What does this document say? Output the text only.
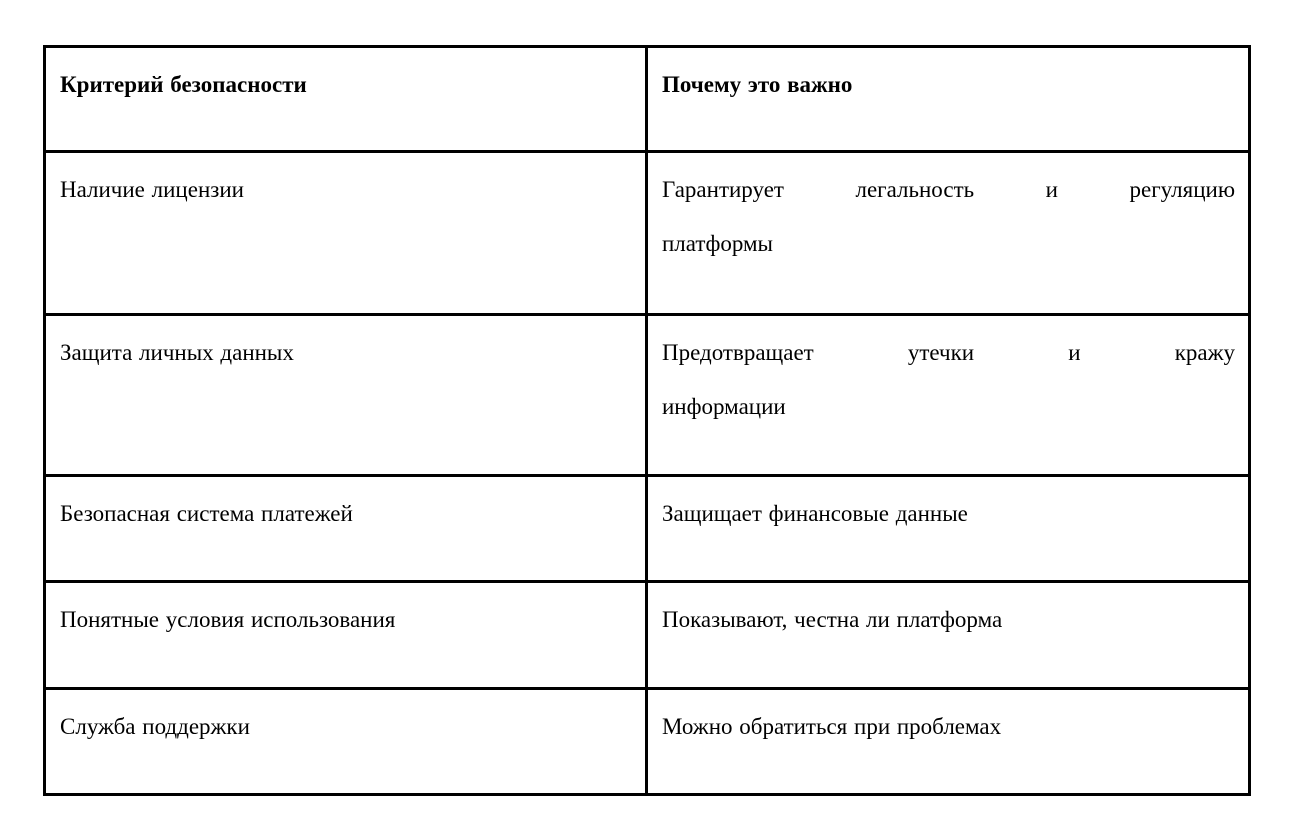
Критерий безопасности	Почему это важно
Наличие лицензии	Гарантирует легальность и регуляцию
платформы

Защита личных данных	Предотвращает утечки и кражу
информации

Безопасная система платежей	Защищает финансовые данные

Понятные условия использования	Показывают, честна ли платформа

Служба поддержки	Можно обратиться при проблемах
